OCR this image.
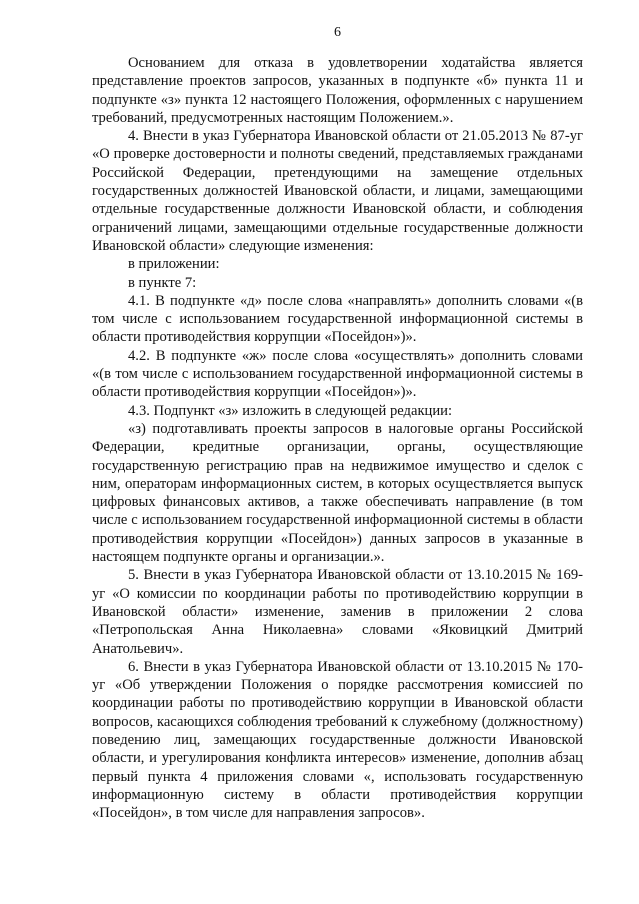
6

Основанием для отказа в удовлетворении ходатайства является представление проектов запросов, указанных в подпункте «б» пункта 11 и подпункте «з» пункта 12 настоящего Положения, оформленных с нарушением требований, предусмотренных настоящим Положением.».

4. Внести в указ Губернатора Ивановской области от 21.05.2013 № 87-уг «О проверке достоверности и полноты сведений, представляемых гражданами Российской Федерации, претендующими на замещение отдельных государственных должностей Ивановской области, и лицами, замещающими отдельные государственные должности Ивановской области, и соблюдения ограничений лицами, замещающими отдельные государственные должности Ивановской области» следующие изменения:

в приложении:

в пункте 7:

4.1. В подпункте «д» после слова «направлять» дополнить словами «(в том числе с использованием государственной информационной системы в области противодействия коррупции «Посейдон»)».

4.2. В подпункте «ж» после слова «осуществлять» дополнить словами «(в том числе с использованием государственной информационной системы в области противодействия коррупции «Посейдон»)».

4.3. Подпункт «з» изложить в следующей редакции:

«з) подготавливать проекты запросов в налоговые органы Российской Федерации, кредитные организации, органы, осуществляющие государственную регистрацию прав на недвижимое имущество и сделок с ним, операторам информационных систем, в которых осуществляется выпуск цифровых финансовых активов, а также обеспечивать направление (в том числе с использованием государственной информационной системы в области противодействия коррупции «Посейдон») данных запросов в указанные в настоящем подпункте органы и организации.».

5. Внести в указ Губернатора Ивановской области от 13.10.2015 № 169-уг «О комиссии по координации работы по противодействию коррупции в Ивановской области» изменение, заменив в приложении 2 слова «Петропольская Анна Николаевна» словами «Яковицкий Дмитрий Анатольевич».

6. Внести в указ Губернатора Ивановской области от 13.10.2015 № 170-уг «Об утверждении Положения о порядке рассмотрения комиссией по координации работы по противодействию коррупции в Ивановской области вопросов, касающихся соблюдения требований к служебному (должностному) поведению лиц, замещающих государственные должности Ивановской области, и урегулирования конфликта интересов» изменение, дополнив абзац первый пункта 4 приложения словами «, использовать государственную информационную систему в области противодействия коррупции «Посейдон», в том числе для направления запросов».
